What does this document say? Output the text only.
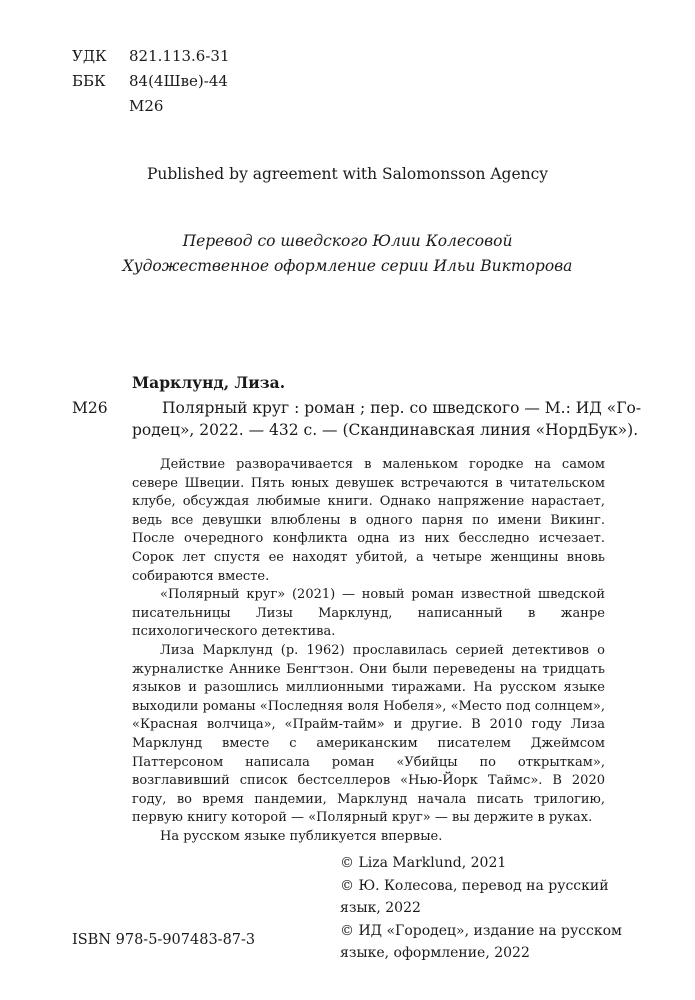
УДК 821.113.6-31
ББК 84(4Шве)-44
М26
Published by agreement with Salomonsson Agency
Перевод со шведского Юлии Колесовой
Художественное оформление серии Ильи Викторова
Марклунд, Лиза.
М26	Полярный круг : роман ; пер. со шведского — М.: ИД «Го-
родец», 2022. — 432 с. — (Скандинавская линия «НордБук»).

Действие разворачивается в маленьком городке на самом севере Швеции. Пять юных девушек встречаются в читательском клубе, обсуждая любимые книги. Однако напряжение нарастает, ведь все девушки влюблены в одного парня по имени Викинг. После очередного конфликта одна из них бесследно исчезает. Сорок лет спустя ее находят убитой, а четыре женщины вновь собираются вместе.

«Полярный круг» (2021) — новый роман известной шведской писательницы Лизы Марклунд, написанный в жанре психологического детектива.

Лиза Марклунд (р. 1962) прославилась серией детективов о журналистке Аннике Бенгтзон. Они были переведены на тридцать языков и разошлись миллионными тиражами. На русском языке выходили романы «Последняя воля Нобеля», «Место под солнцем», «Красная волчица», «Прайм-тайм» и другие. В 2010 году Лиза Марклунд вместе с американским писателем Джеймсом Паттерсоном написала роман «Убийцы по открыткам», возглавивший список бестселлеров «Нью-Йорк Таймс». В 2020 году, во время пандемии, Марклунд начала писать трилогию, первую книгу которой — «Полярный круг» — вы держите в руках.

На русском языке публикуется впервые.

© Liza Marklund, 2021
© Ю. Колесова, перевод на русский
язык, 2022
© ИД «Городец», издание на русском
языке, оформление, 2022
ISBN 978-5-907483-87-3
